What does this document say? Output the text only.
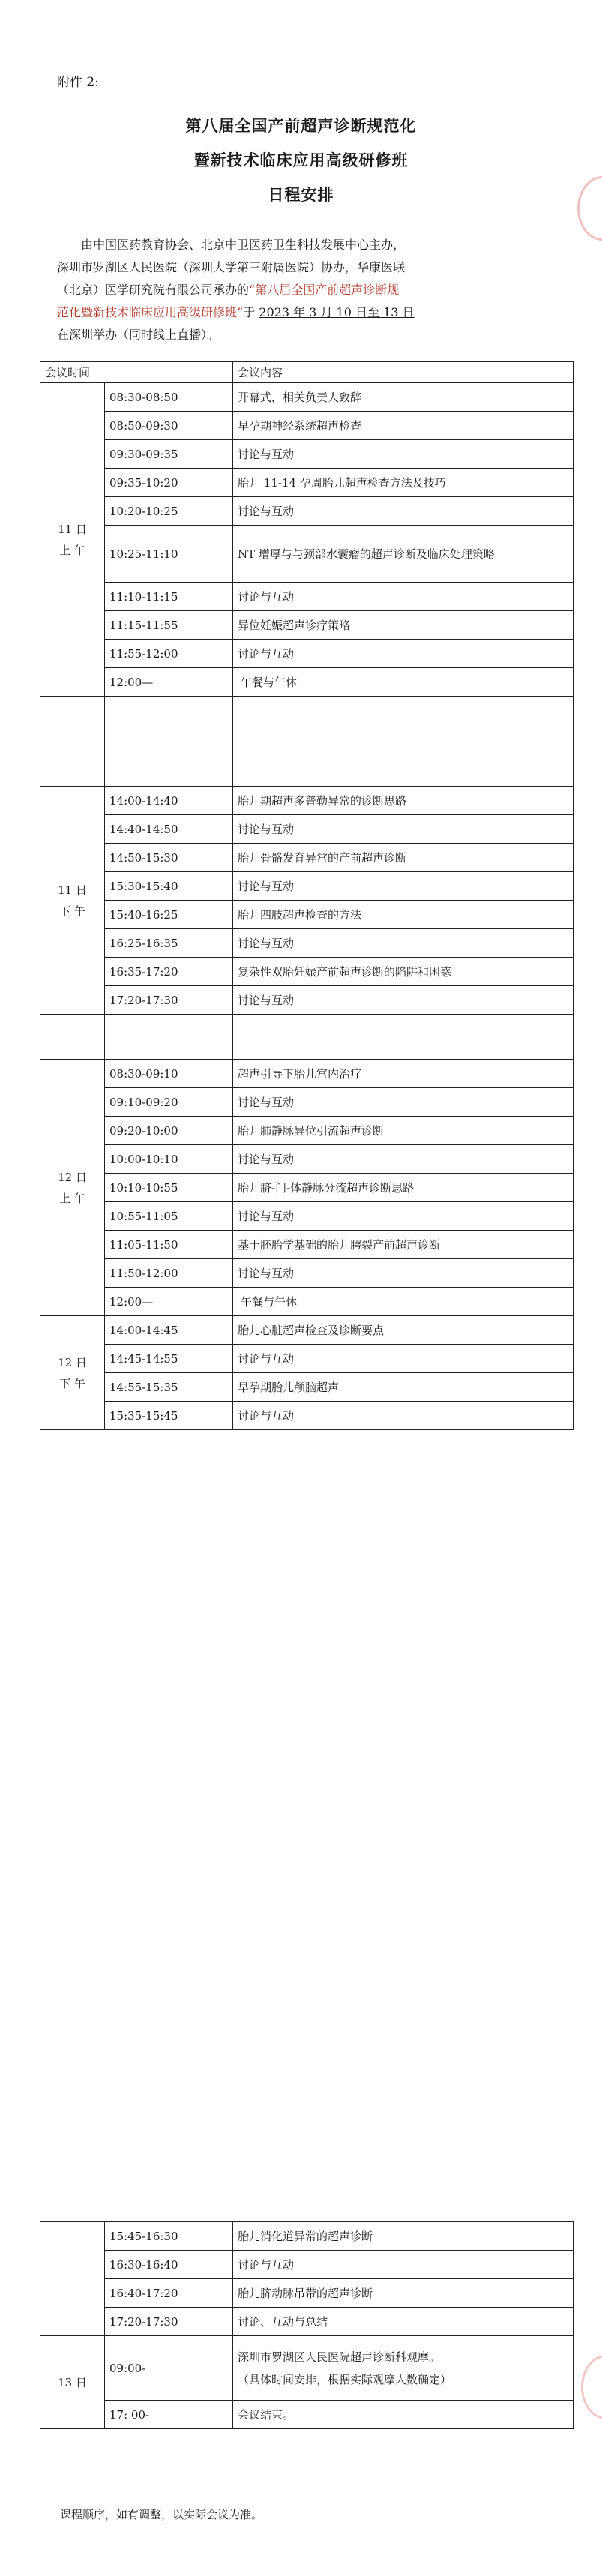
附件 2:
第八届全国产前超声诊断规范化
暨新技术临床应用高级研修班
日程安排
由中国医药教育协会、北京中卫医药卫生科技发展中心主办，
深圳市罗湖区人民医院（深圳大学第三附属医院）协办，华康医联
（北京）医学研究院有限公司承办的“第八届全国产前超声诊断规
范化暨新技术临床应用高级研修班”于 2023 年 3 月 10 日至 13 日
在深圳举办（同时线上直播）。
会议时间		会议内容

11 日
上 午	08:30-08:50	开幕式，相关负责人致辞
	08:50-09:30	早孕期神经系统超声检查
	09:30-09:35	讨论与互动
	09:35-10:20	胎儿 11-14 孕周胎儿超声检查方法及技巧
	10:20-10:25	讨论与互动
	10:25-11:10	NT 增厚与与颈部水囊瘤的超声诊断及临床处理策略
	11:10-11:15	讨论与互动
	11:15-11:55	异位妊娠超声诊疗策略
	11:55-12:00	讨论与互动
	12:00—	午餐与午休

11 日
下 午	14:00-14:40	胎儿期超声多普勒异常的诊断思路
	14:40-14:50	讨论与互动
	14:50-15:30	胎儿骨骼发育异常的产前超声诊断
	15:30-15:40	讨论与互动
	15:40-16:25	胎儿四肢超声检查的方法
	16:25-16:35	讨论与互动
	16:35-17:20	复杂性双胎妊娠产前超声诊断的陷阱和困惑
	17:20-17:30	讨论与互动

12 日
上 午	08:30-09:10	超声引导下胎儿宫内治疗
	09:10-09:20	讨论与互动
	09:20-10:00	胎儿肺静脉异位引流超声诊断
	10:00-10:10	讨论与互动
	10:10-10:55	胎儿脐-门-体静脉分流超声诊断思路
	10:55-11:05	讨论与互动
	11:05-11:50	基于胚胎学基础的胎儿腭裂产前超声诊断
	11:50-12:00	讨论与互动
	12:00—	午餐与午休

12 日
下 午	14:00-14:45	胎儿心脏超声检查及诊断要点
	14:45-14:55	讨论与互动
	14:55-15:35	早孕期胎儿颅脑超声
	15:35-15:45	讨论与互动
	15:45-16:30	胎儿消化道异常的超声诊断
	16:30-16:40	讨论与互动
	16:40-17:20	胎儿脐动脉吊带的超声诊断
	17:20-17:30	讨论、互动与总结

13 日	09:00-	深圳市罗湖区人民医院超声诊断科观摩。
（具体时间安排，根据实际观摩人数确定）

	17: 00-	会议结束。
课程顺序，如有调整，以实际会议为准。
